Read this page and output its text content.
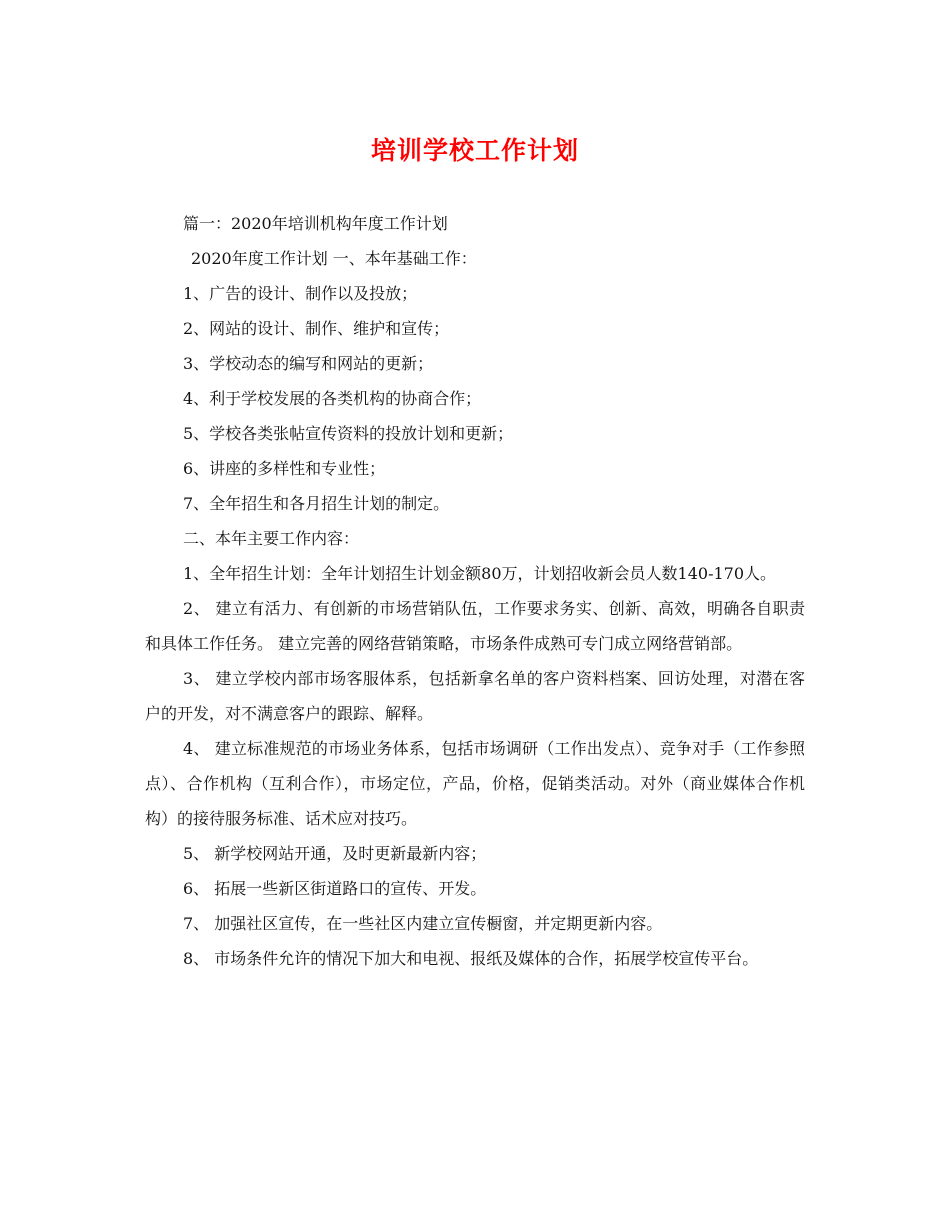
培训学校工作计划

篇一：2020年培训机构年度工作计划

2020年度工作计划 一、本年基础工作：

1、广告的设计、制作以及投放；

2、网站的设计、制作、维护和宣传；

3、学校动态的编写和网站的更新；

4、利于学校发展的各类机构的协商合作；

5、学校各类张帖宣传资料的投放计划和更新；

6、讲座的多样性和专业性；

7、全年招生和各月招生计划的制定。

二、本年主要工作内容：

1、全年招生计划：全年计划招生计划金额80万，计划招收新会员人数140-170人。

2、 建立有活力、有创新的市场营销队伍，工作要求务实、创新、高效，明确各自职责和具体工作任务。 建立完善的网络营销策略，市场条件成熟可专门成立网络营销部。

3、 建立学校内部市场客服体系，包括新拿名单的客户资料档案、回访处理，对潜在客户的开发，对不满意客户的跟踪、解释。

4、 建立标准规范的市场业务体系，包括市场调研（工作出发点）、竞争对手（工作参照点）、合作机构（互利合作），市场定位，产品，价格，促销类活动。对外（商业媒体合作机构）的接待服务标准、话术应对技巧。

5、 新学校网站开通，及时更新最新内容；

6、 拓展一些新区街道路口的宣传、开发。

7、 加强社区宣传，在一些社区内建立宣传橱窗，并定期更新内容。

8、 市场条件允许的情况下加大和电视、报纸及媒体的合作，拓展学校宣传平台。
